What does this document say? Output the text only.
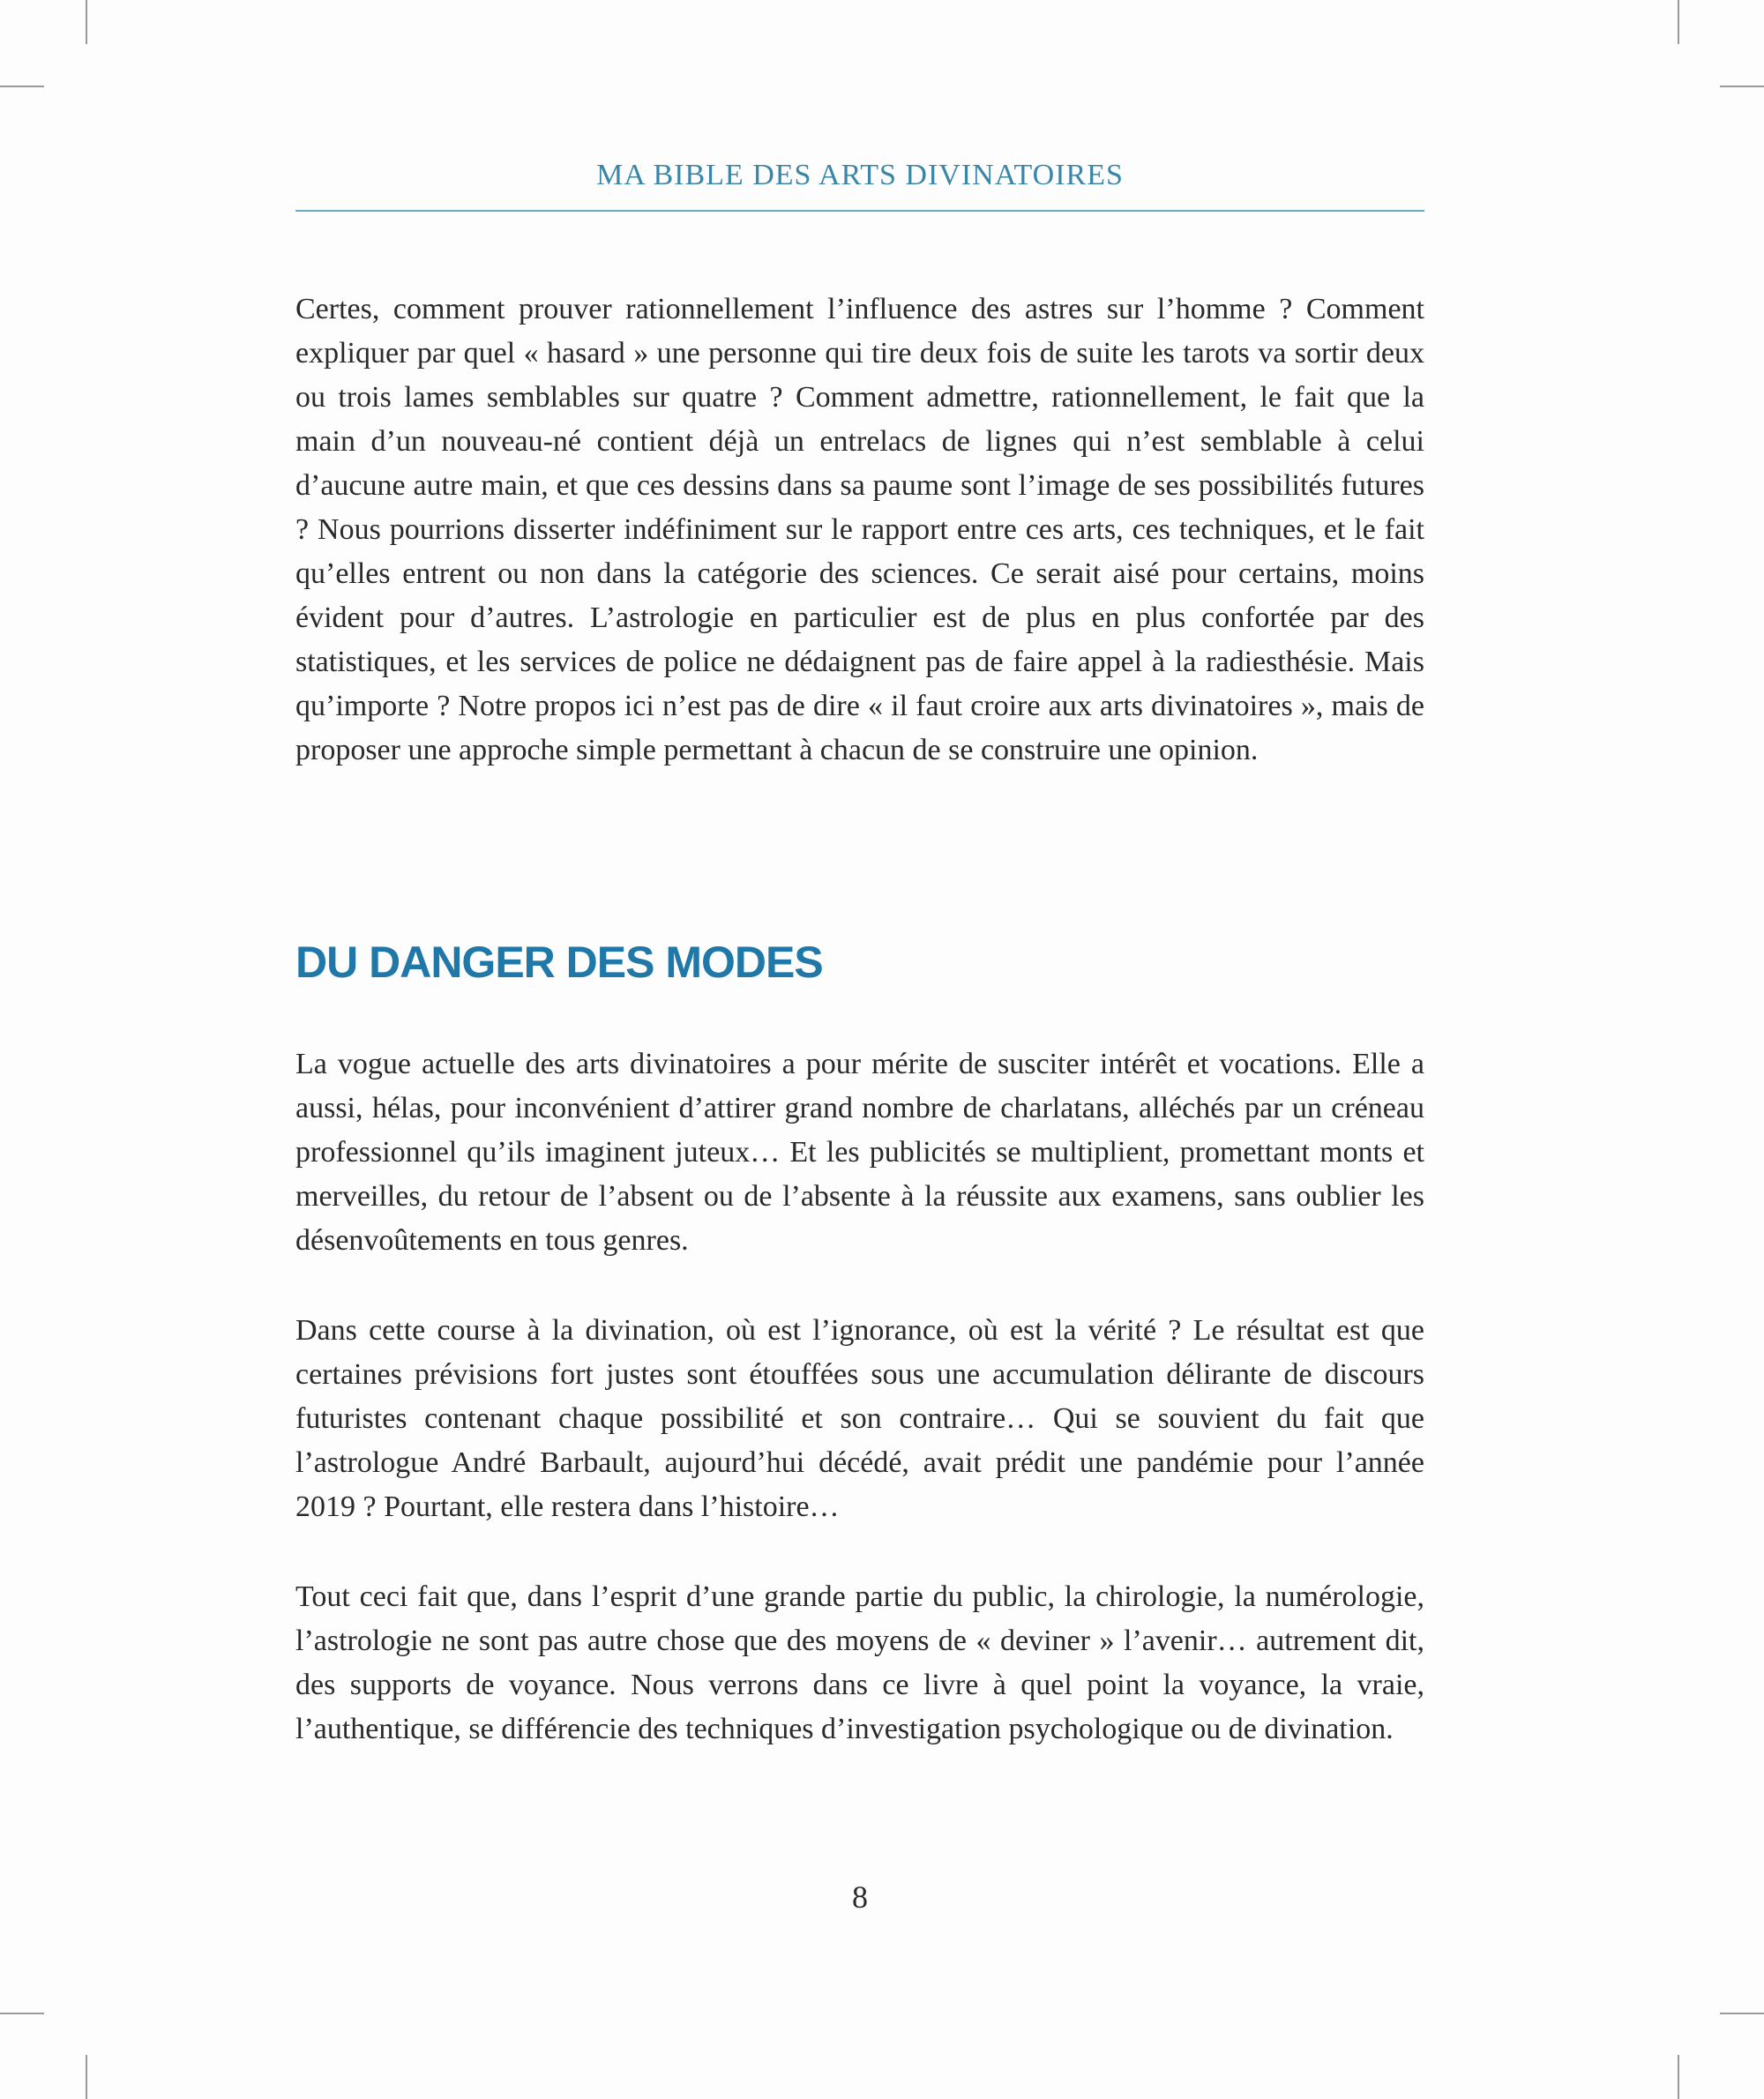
MA BIBLE DES ARTS DIVINATOIRES

Certes, comment prouver rationnellement l’influence des astres sur l’homme ? Comment expliquer par quel « hasard » une personne qui tire deux fois de suite les tarots va sortir deux ou trois lames semblables sur quatre ? Comment admettre, rationnellement, le fait que la main d’un nouveau-né contient déjà un entrelacs de lignes qui n’est semblable à celui d’aucune autre main, et que ces dessins dans sa paume sont l’image de ses possibilités futures ? Nous pourrions disserter indéfiniment sur le rapport entre ces arts, ces techniques, et le fait qu’elles entrent ou non dans la catégorie des sciences. Ce serait aisé pour certains, moins évident pour d’autres. L’astrologie en particulier est de plus en plus confortée par des statistiques, et les services de police ne dédaignent pas de faire appel à la radiesthésie. Mais qu’importe ? Notre propos ici n’est pas de dire « il faut croire aux arts divinatoires », mais de proposer une approche simple permettant à chacun de se construire une opinion.

DU DANGER DES MODES

La vogue actuelle des arts divinatoires a pour mérite de susciter intérêt et vocations. Elle a aussi, hélas, pour inconvénient d’attirer grand nombre de charlatans, alléchés par un créneau professionnel qu’ils imaginent juteux… Et les publicités se multiplient, promettant monts et merveilles, du retour de l’absent ou de l’absente à la réussite aux examens, sans oublier les désenvoûtements en tous genres.

Dans cette course à la divination, où est l’ignorance, où est la vérité ? Le résultat est que certaines prévisions fort justes sont étouffées sous une accumulation délirante de discours futuristes contenant chaque possibilité et son contraire… Qui se souvient du fait que l’astrologue André Barbault, aujourd’hui décédé, avait prédit une pandémie pour l’année 2019 ? Pourtant, elle restera dans l’histoire…

Tout ceci fait que, dans l’esprit d’une grande partie du public, la chirologie, la numérologie, l’astrologie ne sont pas autre chose que des moyens de « deviner » l’avenir… autrement dit, des supports de voyance. Nous verrons dans ce livre à quel point la voyance, la vraie, l’authentique, se différencie des techniques d’investigation psychologique ou de divination.

8
